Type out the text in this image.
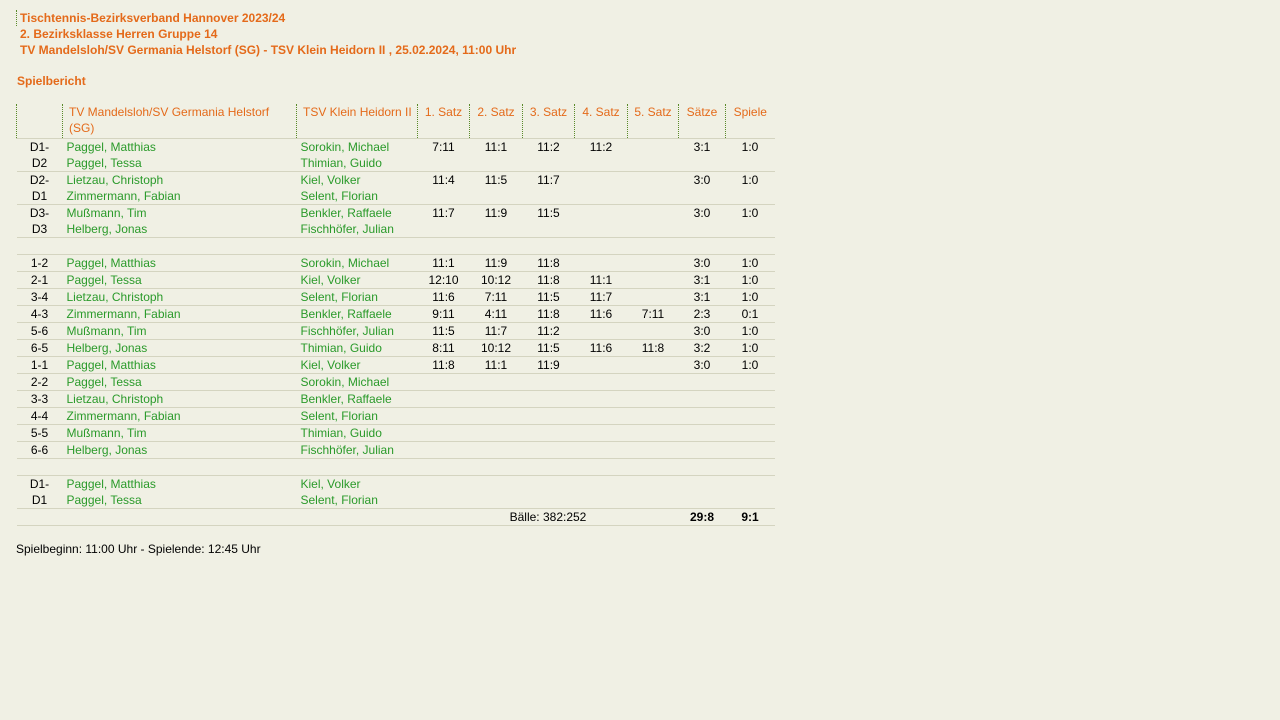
Tischtennis-Bezirksverband Hannover 2023/24
2. Bezirksklasse Herren Gruppe 14
TV Mandelsloh/SV Germania Helstorf (SG) - TSV Klein Heidorn II , 25.02.2024, 11:00 Uhr
Spielbericht
	TV Mandelsloh/SV Germania Helstorf (SG)	TSV Klein Heidorn II	1. Satz	2. Satz	3. Satz	4. Satz	5. Satz	Sätze	Spiele
D1-	Paggel, Matthias	Sorokin, Michael	7:11	11:1	11:2	11:2		3:1	1:0
D2	Paggel, Tessa	Thimian, Guido							
D2-	Lietzau, Christoph	Kiel, Volker	11:4	11:5	11:7			3:0	1:0
D1	Zimmermann, Fabian	Selent, Florian							
D3-	Mußmann, Tim	Benkler, Raffaele	11:7	11:9	11:5			3:0	1:0
D3	Helberg, Jonas	Fischhöfer, Julian							

1-2	Paggel, Matthias	Sorokin, Michael	11:1	11:9	11:8			3:0	1:0
2-1	Paggel, Tessa	Kiel, Volker	12:10	10:12	11:8	11:1		3:1	1:0
3-4	Lietzau, Christoph	Selent, Florian	11:6	7:11	11:5	11:7		3:1	1:0
4-3	Zimmermann, Fabian	Benkler, Raffaele	9:11	4:11	11:8	11:6	7:11	2:3	0:1
5-6	Mußmann, Tim	Fischhöfer, Julian	11:5	11:7	11:2			3:0	1:0
6-5	Helberg, Jonas	Thimian, Guido	8:11	10:12	11:5	11:6	11:8	3:2	1:0
1-1	Paggel, Matthias	Kiel, Volker	11:8	11:1	11:9			3:0	1:0
2-2	Paggel, Tessa	Sorokin, Michael							
3-3	Lietzau, Christoph	Benkler, Raffaele							
4-4	Zimmermann, Fabian	Selent, Florian							
5-5	Mußmann, Tim	Thimian, Guido							
6-6	Helberg, Jonas	Fischhöfer, Julian							

D1-	Paggel, Matthias	Kiel, Volker							
D1	Paggel, Tessa	Selent, Florian							
			Bälle: 382:252					29:8	9:1
Spielbeginn: 11:00 Uhr - Spielende: 12:45 Uhr
